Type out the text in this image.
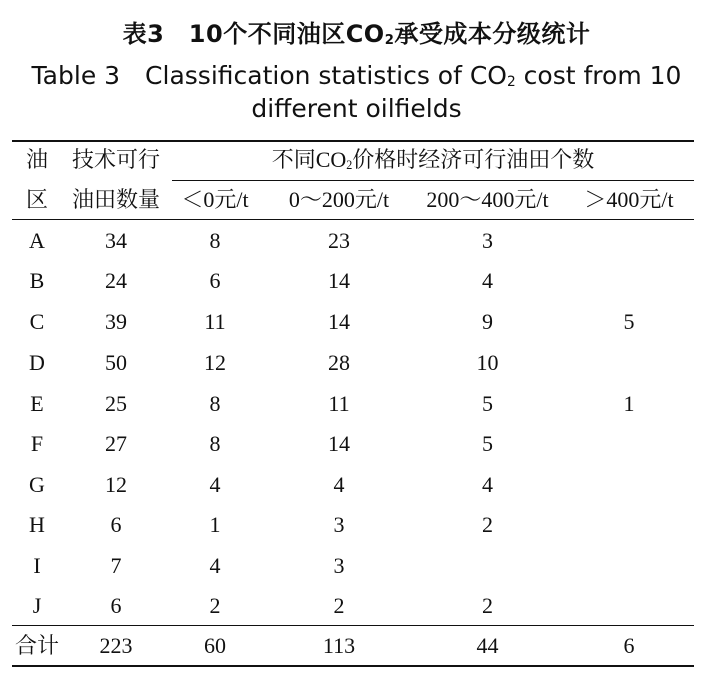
表3　10个不同油区$CO_2$承受成本分级统计
Table 3　Classification statistics of $CO_2$ cost from 10
different oilfields
油
区
技术可行
油田数量
不同$CO_2$价格时经济可行油田个数
＜0元/t	0～200元/t	200～400元/t	＞400元/t
A	34	8	23	3
B	24	6	14	4
C	39	11	14	9	5
D	50	12	28	10
E	25	8	11	5	1
F	27	8	14	5
G	12	4	4	4
H	6	1	3	2
I	7	4	3
J	6	2	2	2
合计	223	60	113	44	6
